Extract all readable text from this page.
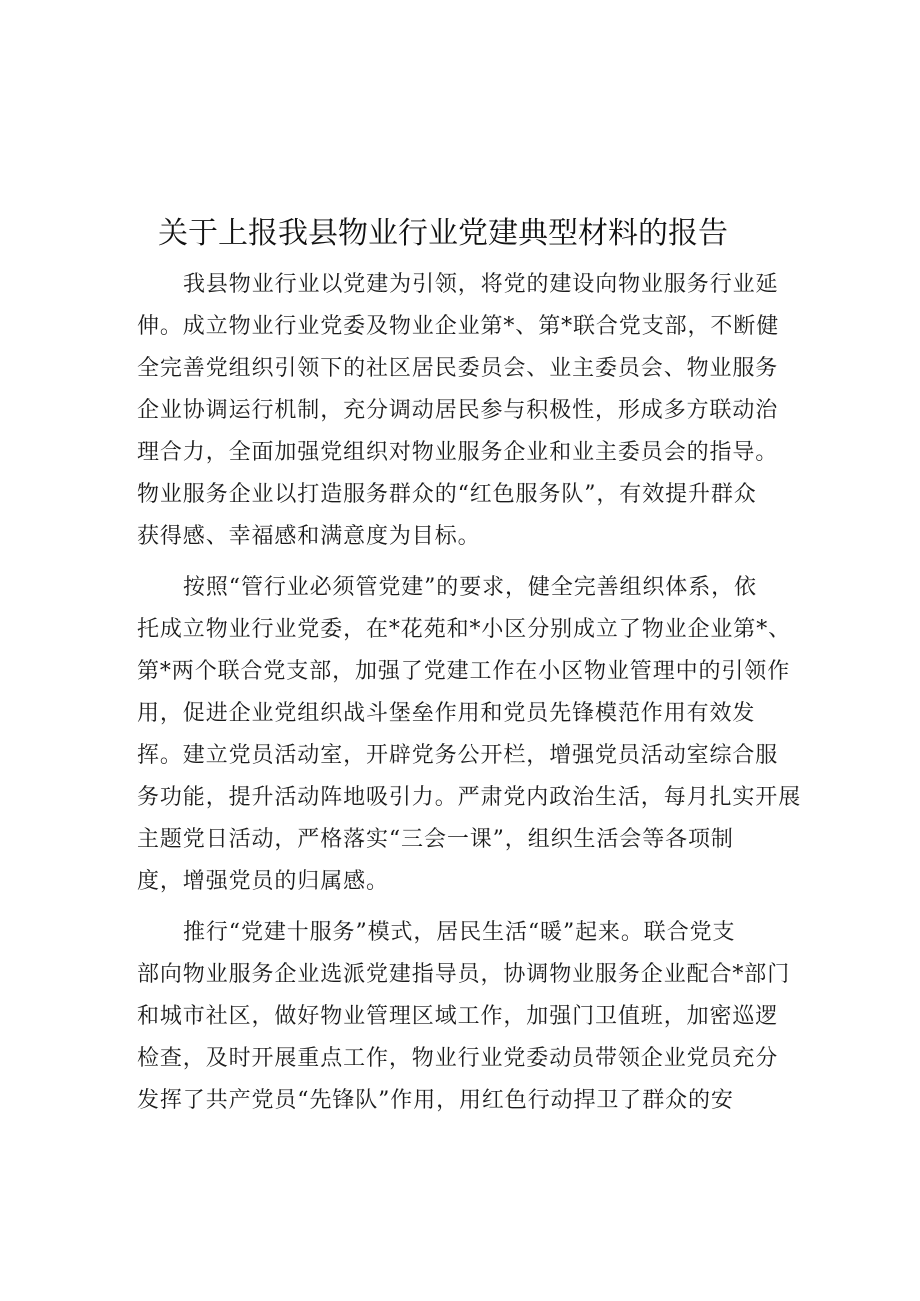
关于上报我县物业行业党建典型材料的报告
我县物业行业以党建为引领，将党的建设向物业服务行业延
伸。成立物业行业党委及物业企业第*、第*联合党支部，不断健
全完善党组织引领下的社区居民委员会、业主委员会、物业服务
企业协调运行机制，充分调动居民参与积极性，形成多方联动治
理合力，全面加强党组织对物业服务企业和业主委员会的指导。
物业服务企业以打造服务群众的“红色服务队”，有效提升群众
获得感、幸福感和满意度为目标。
按照“管行业必须管党建”的要求，健全完善组织体系，依
托成立物业行业党委，在*花苑和*小区分别成立了物业企业第*、
第*两个联合党支部，加强了党建工作在小区物业管理中的引领作
用，促进企业党组织战斗堡垒作用和党员先锋模范作用有效发
挥。建立党员活动室，开辟党务公开栏，增强党员活动室综合服
务功能，提升活动阵地吸引力。严肃党内政治生活，每月扎实开展
主题党日活动，严格落实“三会一课”，组织生活会等各项制
度，增强党员的归属感。
推行“党建十服务”模式，居民生活“暖”起来。联合党支
部向物业服务企业选派党建指导员，协调物业服务企业配合*部门
和城市社区，做好物业管理区域工作，加强门卫值班，加密巡逻
检查，及时开展重点工作，物业行业党委动员带领企业党员充分
发挥了共产党员“先锋队”作用，用红色行动捍卫了群众的安
